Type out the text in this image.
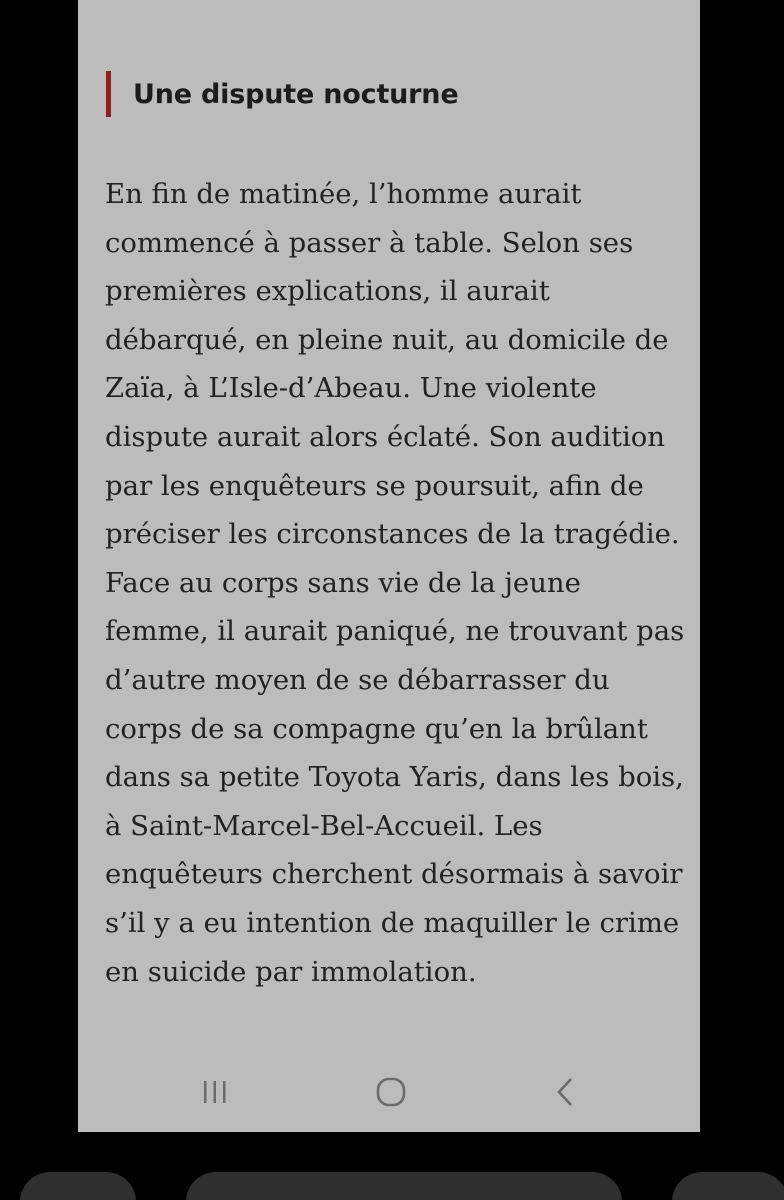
Une dispute nocturne

En fin de matinée, l’homme aurait commencé à passer à table. Selon ses premières explications, il aurait débarqué, en pleine nuit, au domicile de Zaïa, à L’Isle-d’Abeau. Une violente dispute aurait alors éclaté. Son audition par les enquêteurs se poursuit, afin de préciser les circonstances de la tragédie. Face au corps sans vie de la jeune femme, il aurait paniqué, ne trouvant pas d’autre moyen de se débarrasser du corps de sa compagne qu’en la brûlant dans sa petite Toyota Yaris, dans les bois, à Saint-Marcel-Bel-Accueil. Les enquêteurs cherchent désormais à savoir s’il y a eu intention de maquiller le crime en suicide par immolation.
